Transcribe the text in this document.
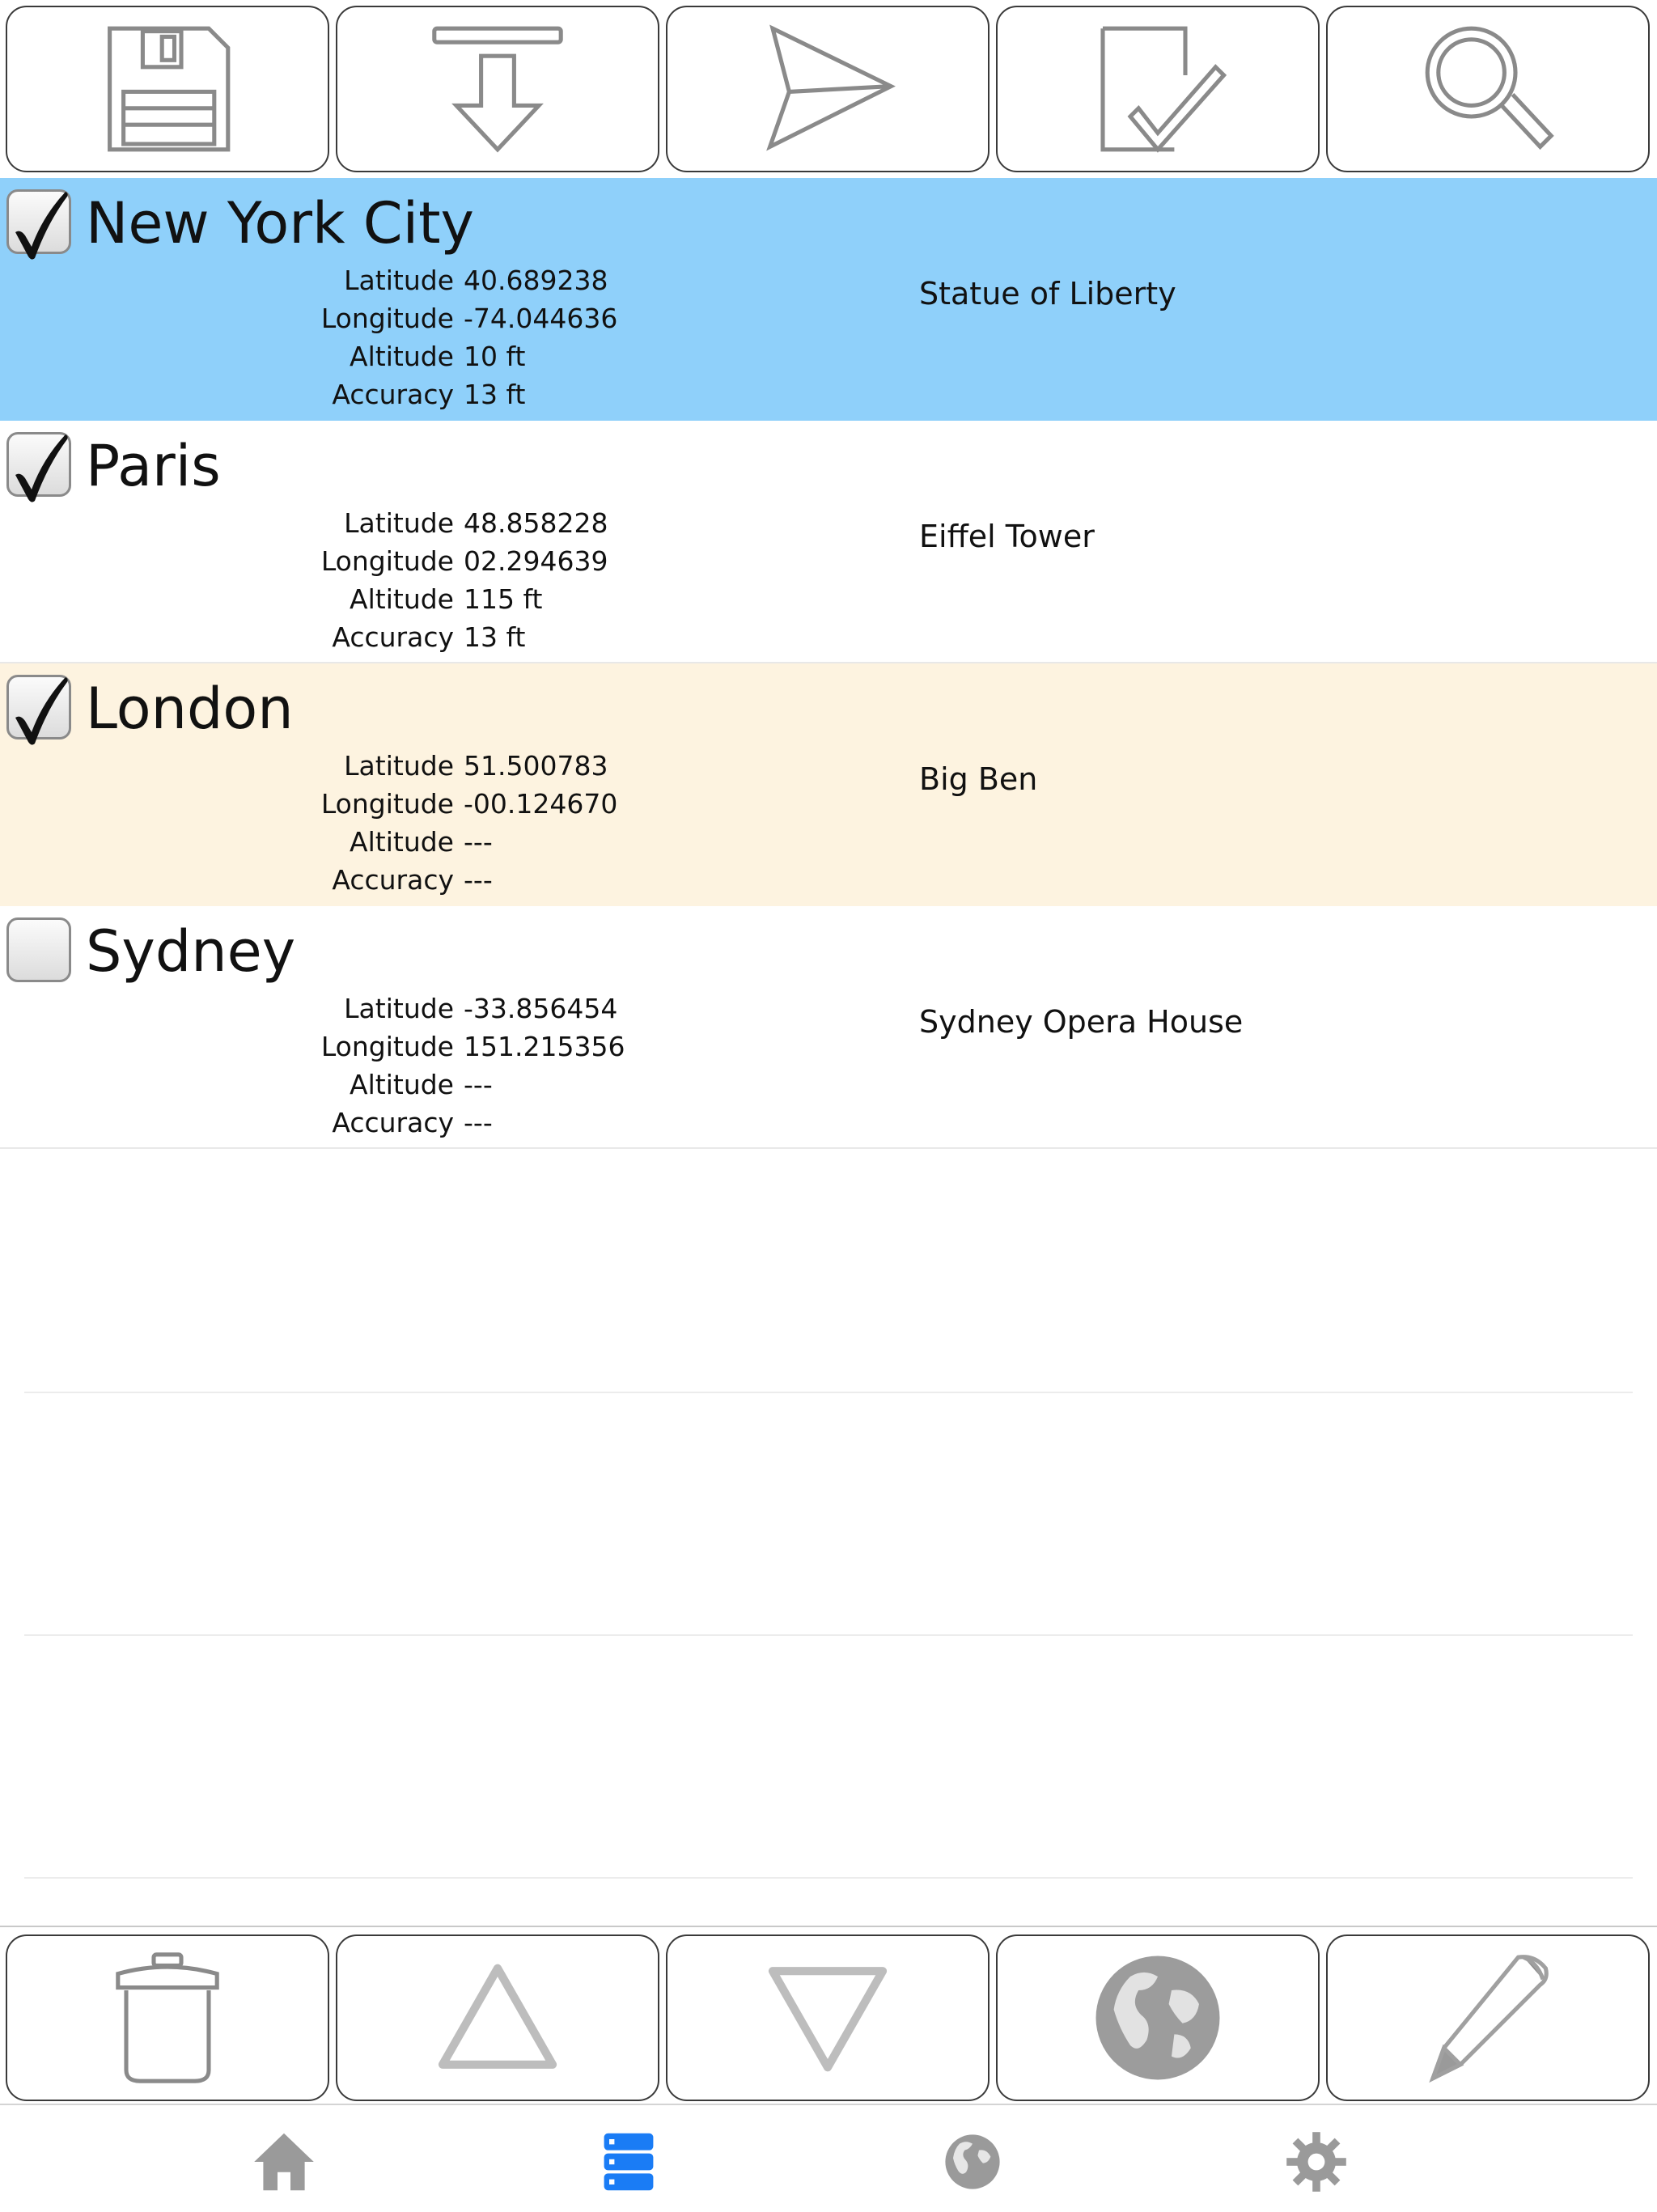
New York City
Latitude 40.689238
Longitude -74.044636
Altitude 10 ft
Accuracy 13 ft
Statue of Liberty
Paris
Latitude 48.858228
Longitude 02.294639
Altitude 115 ft
Accuracy 13 ft
Eiffel Tower
London
Latitude 51.500783
Longitude -00.124670
Altitude ---
Accuracy ---
Big Ben
Sydney
Latitude -33.856454
Longitude 151.215356
Altitude ---
Accuracy ---
Sydney Opera House
